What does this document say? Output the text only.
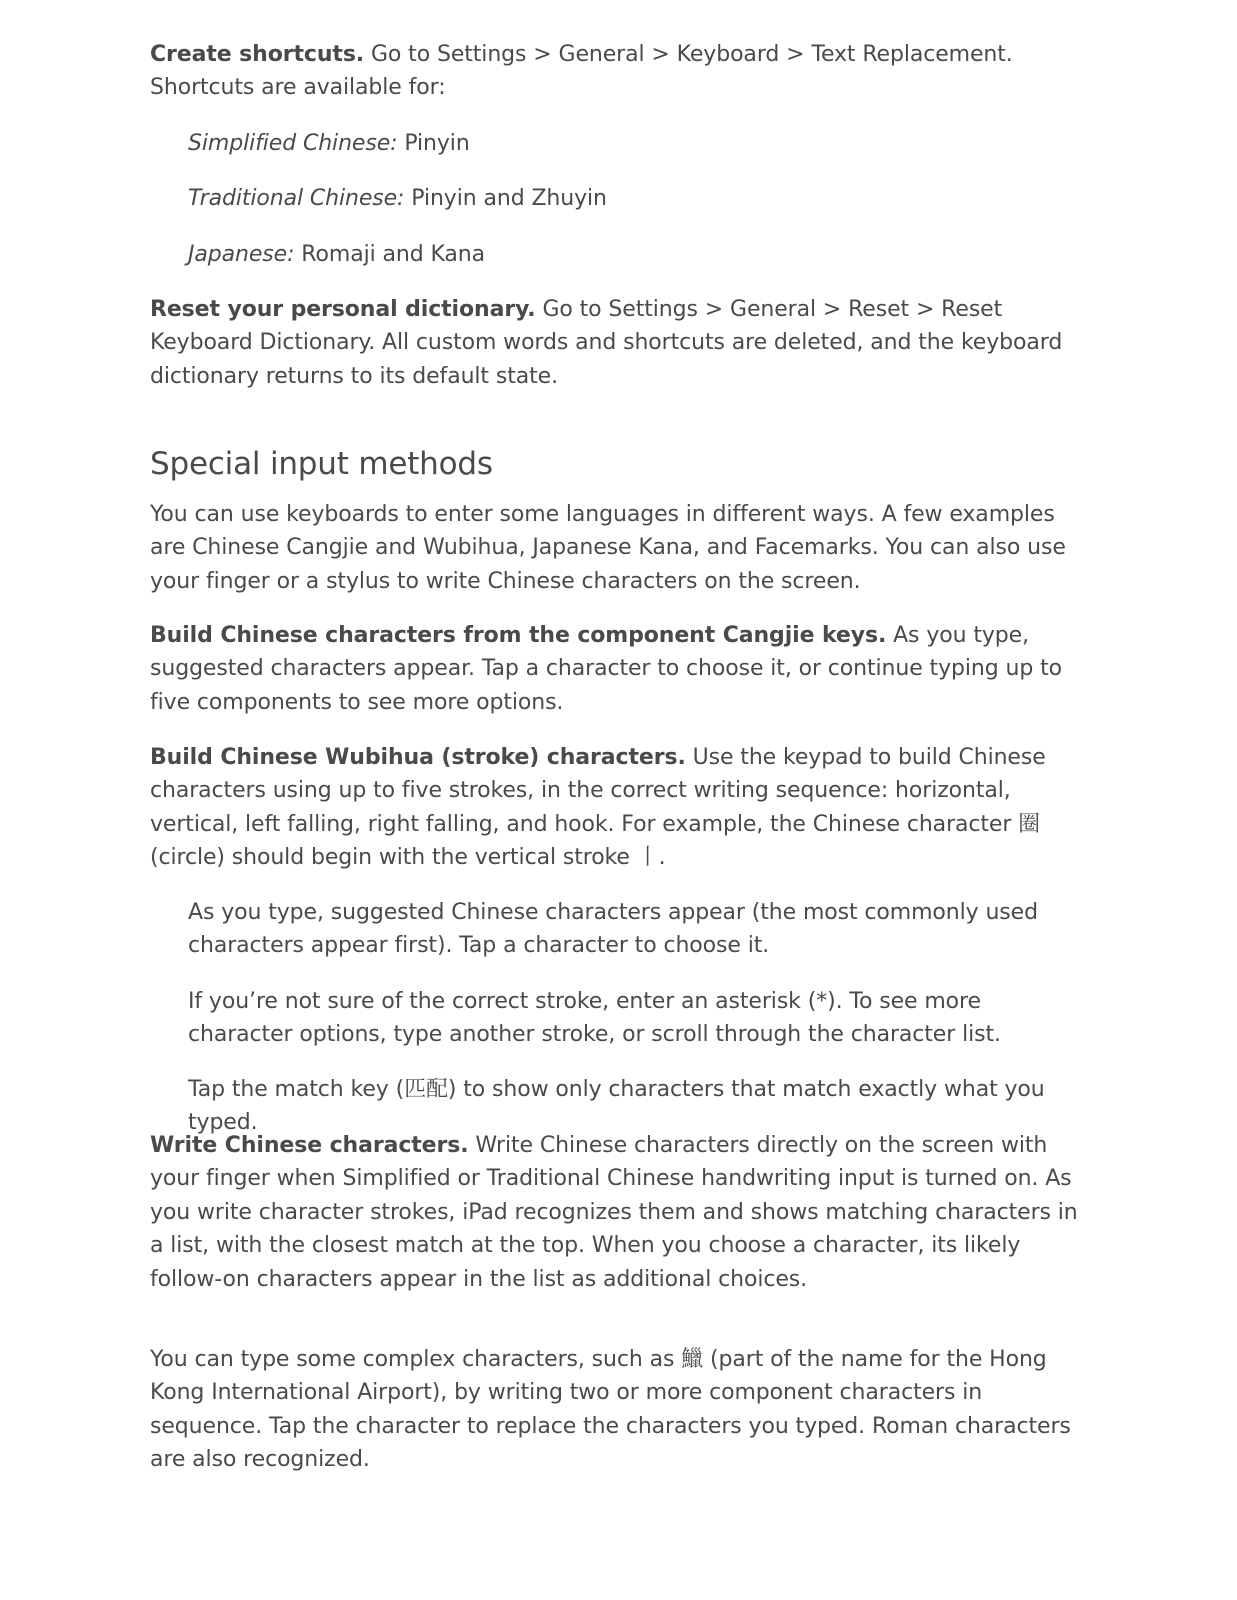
Create shortcuts. Go to Settings > General > Keyboard > Text Replacement. Shortcuts are available for:

Simplified Chinese: Pinyin

Traditional Chinese: Pinyin and Zhuyin

Japanese: Romaji and Kana

Reset your personal dictionary. Go to Settings > General > Reset > Reset Keyboard Dictionary. All custom words and shortcuts are deleted, and the keyboard dictionary returns to its default state.

Special input methods

You can use keyboards to enter some languages in different ways. A few examples are Chinese Cangjie and Wubihua, Japanese Kana, and Facemarks. You can also use your finger or a stylus to write Chinese characters on the screen.

Build Chinese characters from the component Cangjie keys. As you type, suggested characters appear. Tap a character to choose it, or continue typing up to five components to see more options.

Build Chinese Wubihua (stroke) characters. Use the keypad to build Chinese characters using up to five strokes, in the correct writing sequence: horizontal, vertical, left falling, right falling, and hook. For example, the Chinese character 圈 (circle) should begin with the vertical stroke 丨.

As you type, suggested Chinese characters appear (the most commonly used characters appear first). Tap a character to choose it.

If you’re not sure of the correct stroke, enter an asterisk (*). To see more character options, type another stroke, or scroll through the character list.

Tap the match key (匹配) to show only characters that match exactly what you typed.

Write Chinese characters. Write Chinese characters directly on the screen with your finger when Simplified or Traditional Chinese handwriting input is turned on. As you write character strokes, iPad recognizes them and shows matching characters in a list, with the closest match at the top. When you choose a character, its likely follow-on characters appear in the list as additional choices.

You can type some complex characters, such as 鱲 (part of the name for the Hong Kong International Airport), by writing two or more component characters in sequence. Tap the character to replace the characters you typed. Roman characters are also recognized.
